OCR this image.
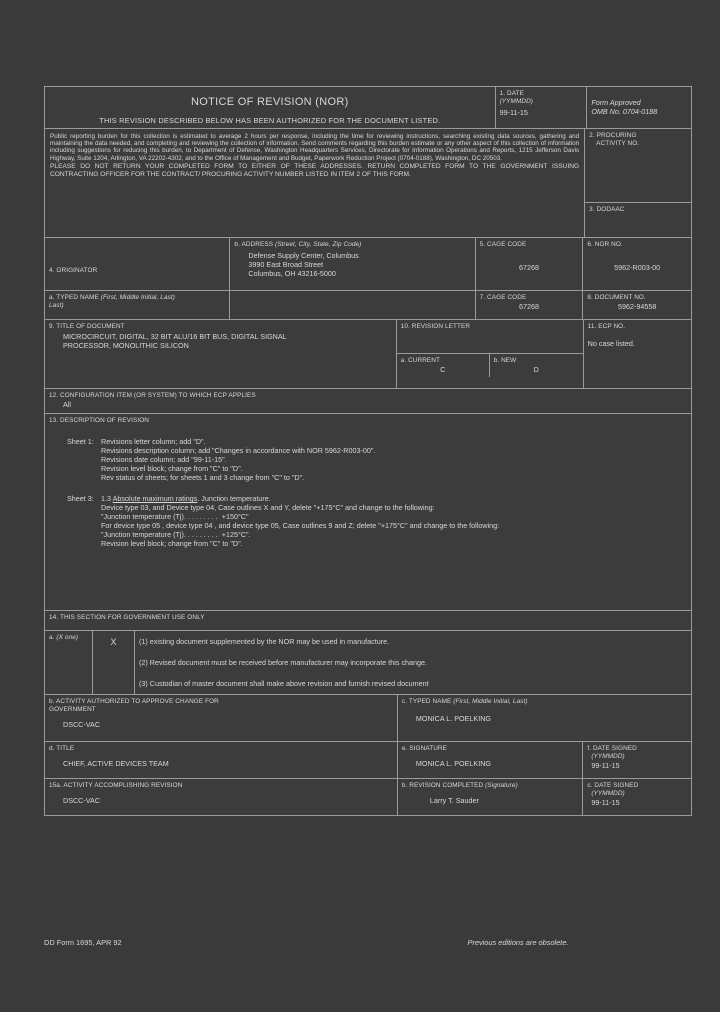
NOTICE OF REVISION (NOR)
THIS REVISION DESCRIBED BELOW HAS BEEN AUTHORIZED FOR THE DOCUMENT LISTED.
1. DATE
(YYMMDD)
99-11-15
Form Approved
OMB No. 0704-0188

Public reporting burden for this collection is estimated to average 2 hours per response, including the time for reviewing instructions, searching existing data sources, gathering and maintaining the data needed, and completing and reviewing the collection of information. Send comments regarding this burden estimate or any other aspect of this collection of information including suggestions for reducing this burden, to Department of Defense, Washington Headquarters Services, Directorate for Information Operations and Reports, 1215 Jefferson Davis Highway, Suite 1204, Arlington, VA 22202-4302, and to the Office of Management and Budget, Paperwork Reduction Project (0704-0188), Washington, DC 20503.

PLEASE DO NOT RETURN YOUR COMPLETED FORM TO EITHER OF THESE ADDRESSES. RETURN COMPLETED FORM TO THE GOVERNMENT ISSUING CONTRACTING OFFICER FOR THE CONTRACT/ PROCURING ACTIVITY NUMBER LISTED IN ITEM 2 OF THIS FORM.

2. PROCURING
ACTIVITY NO.
3. DODAAC
4. ORIGINATOR
b. ADDRESS (Street, City, State, Zip Code)
Defense Supply Center, Columbus
3990 East Broad Street
Columbus, OH 43216-5000
5. CAGE CODE
67268
6. NOR NO.
5962-R003-00
a. TYPED NAME (First, Middle Initial, Last)
Last)
7. CAGE CODE
67268
8. DOCUMENT NO.
5962-94558
9. TITLE OF DOCUMENT
MICROCIRCUIT, DIGITAL, 32 BIT ALU/16 BIT BUS, DIGITAL SIGNAL
PROCESSOR, MONOLITHIC SILICON
10. REVISION LETTER
a. CURRENT
C
b. NEW
D
11. ECP NO.
No case listed.
12. CONFIGURATION ITEM (OR SYSTEM) TO WHICH ECP APPLIES
All
13. DESCRIPTION OF REVISION
Sheet 1:	Revisions letter column; add "D".
Revisions description column; add "Changes in accordance with NOR 5962-R003-00".
Revisions date column; add "99-11-15".
Revision level block; change from "C" to "D".
Rev status of sheets; for sheets 1 and 3 change from "C" to "D".
Sheet 3:	1.3 Absolute maximum ratings. Junction temperature.
Device type 03, and Device type 04, Case outlines X and Y, delete "+175°C" and change to the following:
"Junction temperature (Tj). . . . . . . . .  +150°C"
For device type 05 , device type 04 , and device type 05, Case outlines 9 and Z; delete "+175°C" and change to the following:
"Junction temperature (Tj). . . . . . . . .  +125°C".
Revision level block; change from "C" to "D".
14. THIS SECTION FOR GOVERNMENT USE ONLY
a. (X one)	X	(1) existing document supplemented by the NOR may be used in manufacture.
(2) Revised document must be received before manufacturer may incorporate this change.
(3) Custodian of master document shall make above revision and furnish revised document
b. ACTIVITY AUTHORIZED TO APPROVE CHANGE FOR
GOVERNMENT
DSCC-VAC
c. TYPED NAME (First, Middle Initial, Last)
MONICA L. POELKING
d. TITLE
CHIEF, ACTIVE DEVICES TEAM
e. SIGNATURE
MONICA L. POELKING
f. DATE SIGNED
(YYMMDD)
99-11-15
15a. ACTIVITY ACCOMPLISHING REVISION
DSCC-VAC
b. REVISION COMPLETED (Signature)
Larry T. Sauder
c. DATE SIGNED
(YYMMDD)
99-11-15
DD Form 1695, APR 92	Previous editions are obsolete.
